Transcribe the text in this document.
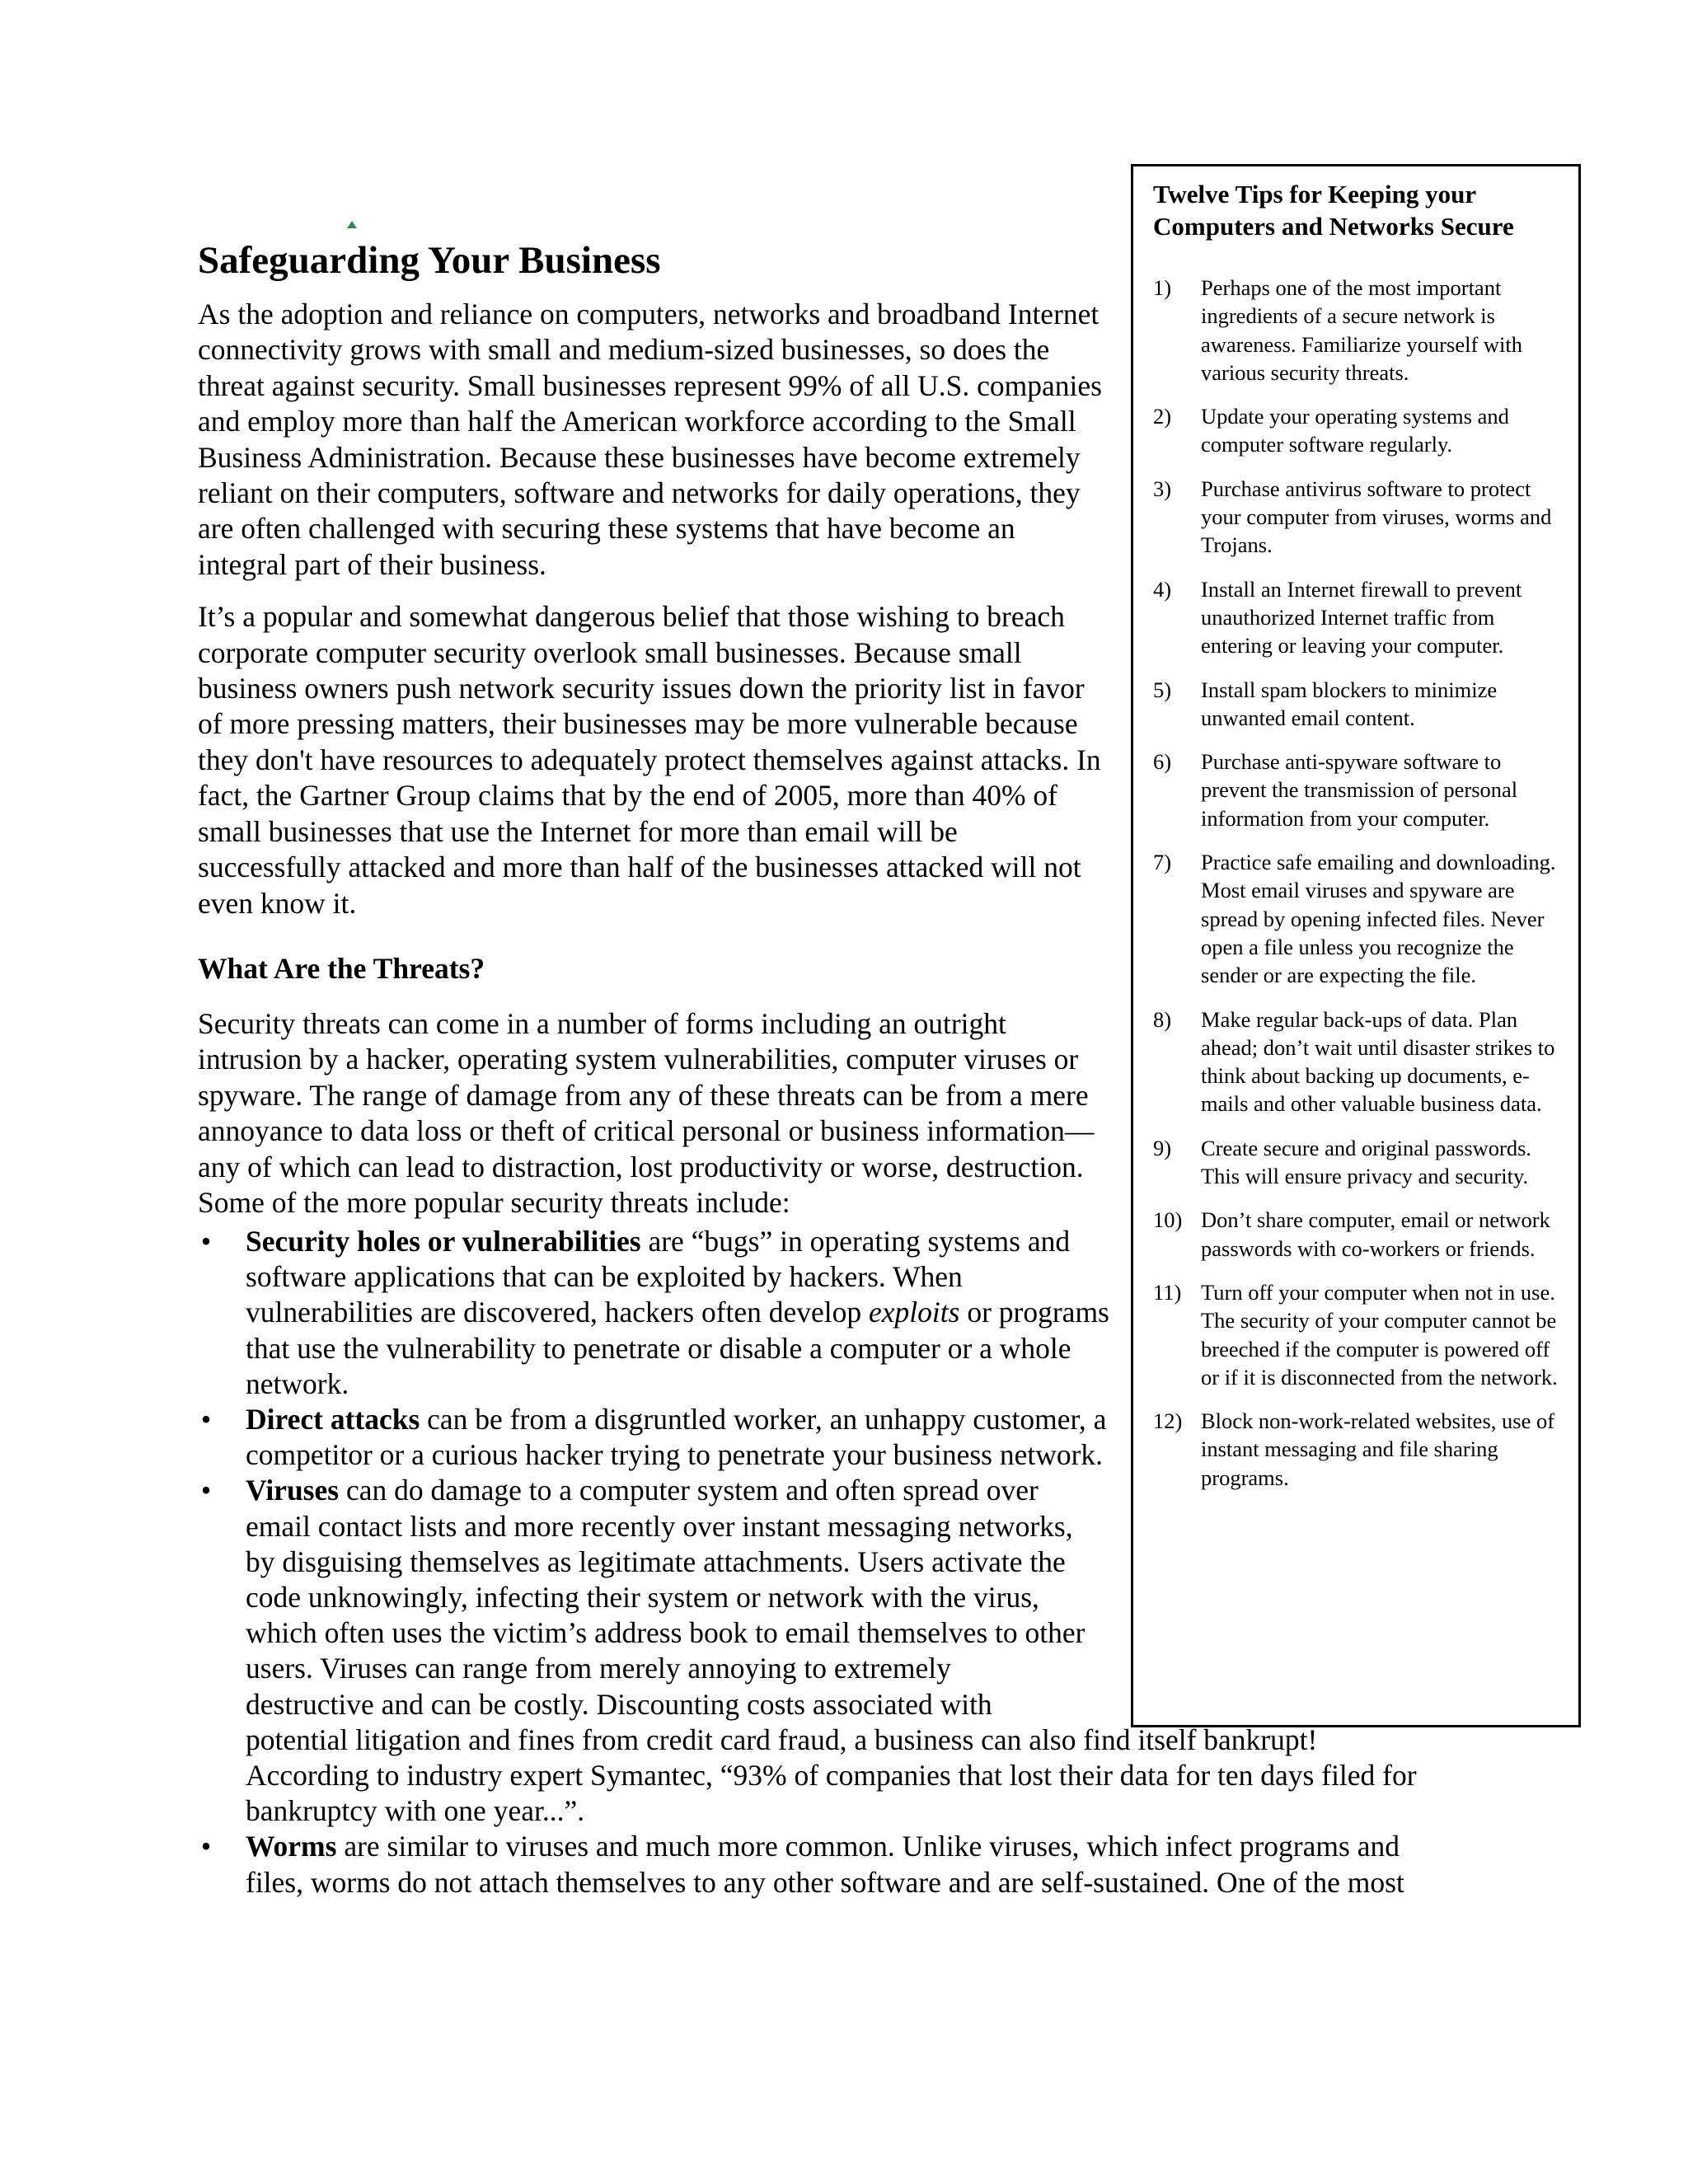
Safeguarding Your Business

As the adoption and reliance on computers, networks and broadband Internet connectivity grows with small and medium-sized businesses, so does the threat against security. Small businesses represent 99% of all U.S. companies and employ more than half the American workforce according to the Small Business Administration. Because these businesses have become extremely reliant on their computers, software and networks for daily operations, they are often challenged with securing these systems that have become an integral part of their business.

It’s a popular and somewhat dangerous belief that those wishing to breach corporate computer security overlook small businesses. Because small business owners push network security issues down the priority list in favor of more pressing matters, their businesses may be more vulnerable because they don't have resources to adequately protect themselves against attacks. In fact, the Gartner Group claims that by the end of 2005, more than 40% of small businesses that use the Internet for more than email will be successfully attacked and more than half of the businesses attacked will not even know it.

What Are the Threats?

Security threats can come in a number of forms including an outright intrusion by a hacker, operating system vulnerabilities, computer viruses or spyware. The range of damage from any of these threats can be from a mere annoyance to data loss or theft of critical personal or business information—any of which can lead to distraction, lost productivity or worse, destruction. Some of the more popular security threats include:

• Security holes or vulnerabilities are “bugs” in operating systems and software applications that can be exploited by hackers. When vulnerabilities are discovered, hackers often develop exploits or programs that use the vulnerability to penetrate or disable a computer or a whole network.
• Direct attacks can be from a disgruntled worker, an unhappy customer, a competitor or a curious hacker trying to penetrate your business network.
• Viruses can do damage to a computer system and often spread over
email contact lists and more recently over instant messaging networks,
by disguising themselves as legitimate attachments. Users activate the
code unknowingly, infecting their system or network with the virus,
which often uses the victim’s address book to email themselves to other
users. Viruses can range from merely annoying to extremely
destructive and can be costly. Discounting costs associated with
potential litigation and fines from credit card fraud, a business can also find itself bankrupt!
According to industry expert Symantec, “93% of companies that lost their data for ten days filed for
bankruptcy with one year...”.
• Worms are similar to viruses and much more common. Unlike viruses, which infect programs and
files, worms do not attach themselves to any other software and are self-sustained. One of the most
Twelve Tips for Keeping your Computers and Networks Secure
1) Perhaps one of the most important ingredients of a secure network is awareness. Familiarize yourself with various security threats.
2) Update your operating systems and computer software regularly.
3) Purchase antivirus software to protect your computer from viruses, worms and Trojans.
4) Install an Internet firewall to prevent unauthorized Internet traffic from entering or leaving your computer.
5) Install spam blockers to minimize unwanted email content.
6) Purchase anti-spyware software to prevent the transmission of personal information from your computer.
7) Practice safe emailing and downloading. Most email viruses and spyware are spread by opening infected files. Never open a file unless you recognize the sender or are expecting the file.
8) Make regular back-ups of data. Plan ahead; don’t wait until disaster strikes to think about backing up documents, e-mails and other valuable business data.
9) Create secure and original passwords. This will ensure privacy and security.
10) Don’t share computer, email or network passwords with co-workers or friends.
11) Turn off your computer when not in use. The security of your computer cannot be breeched if the computer is powered off or if it is disconnected from the network.
12) Block non-work-related websites, use of instant messaging and file sharing programs.
